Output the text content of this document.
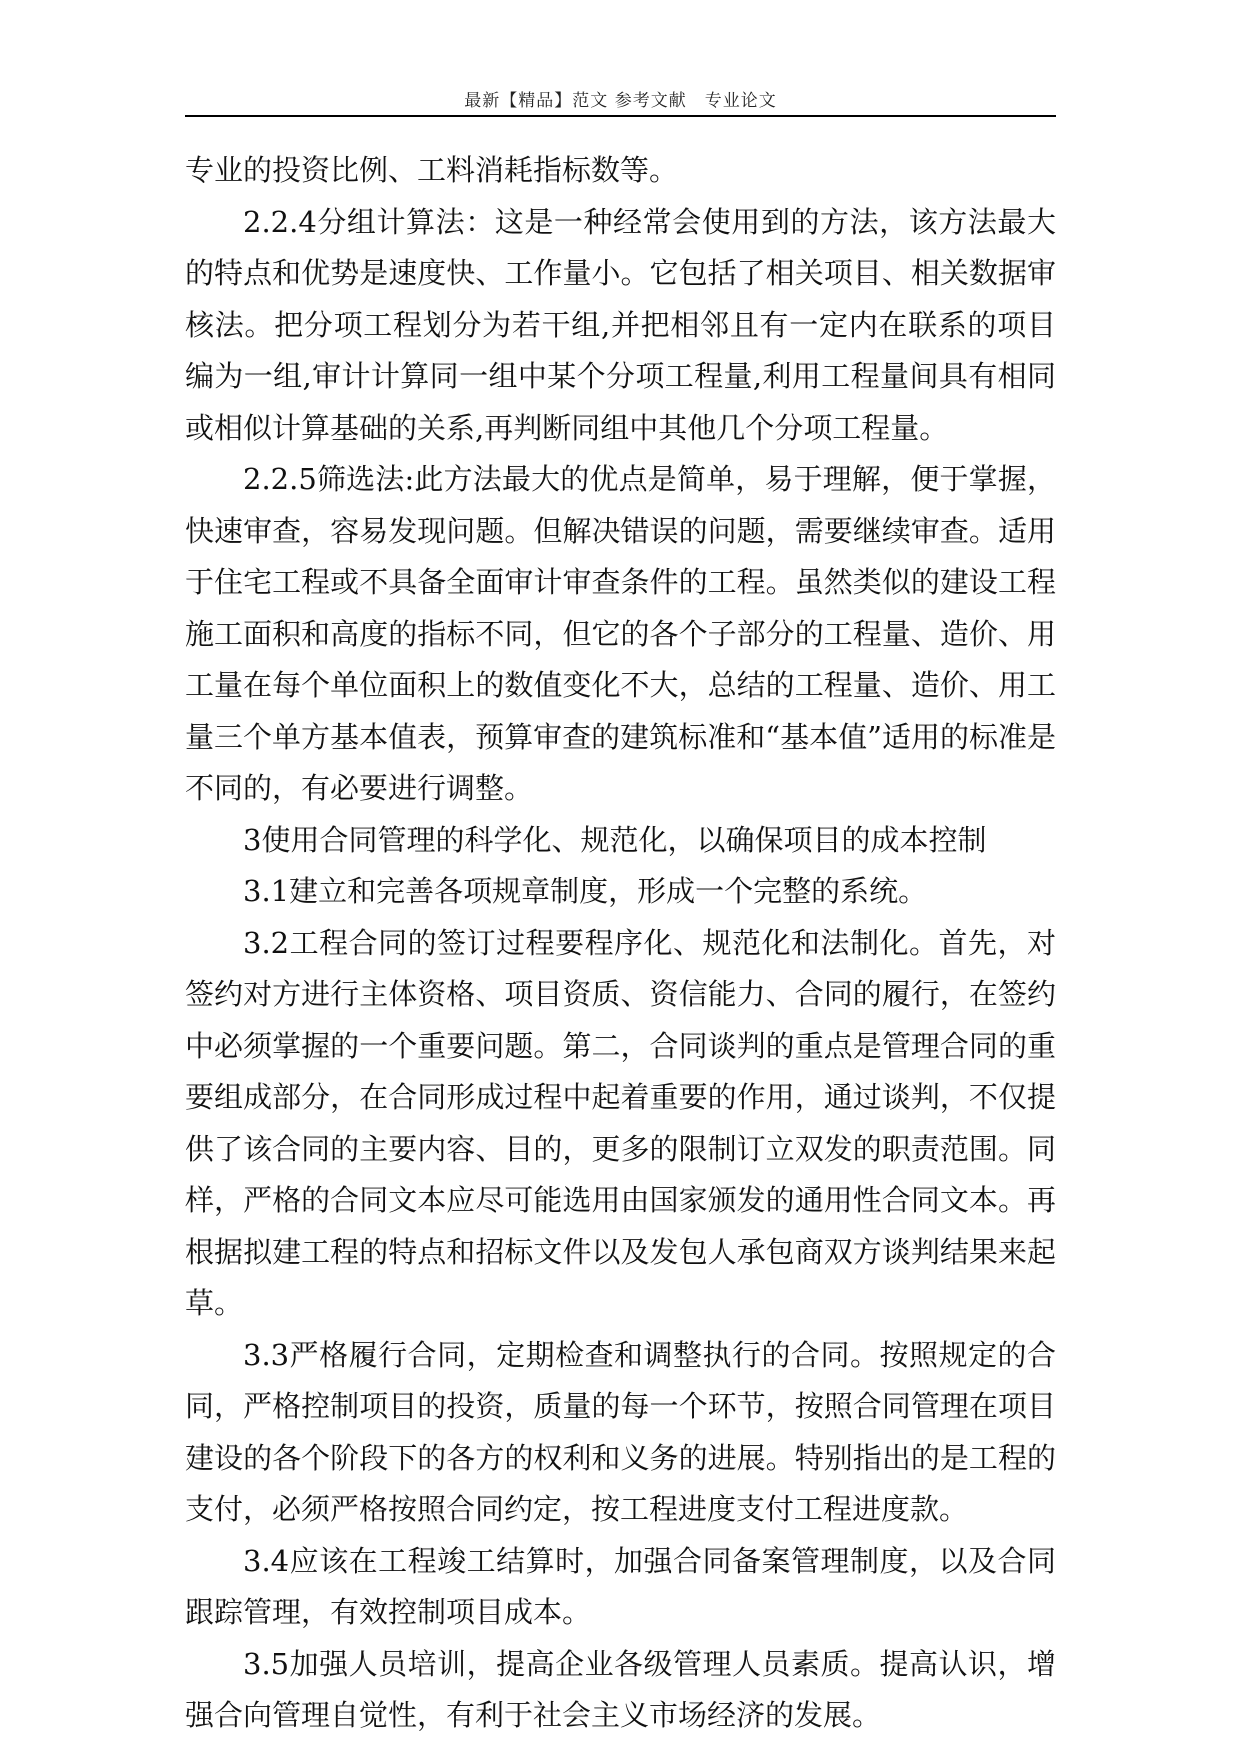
最新【精品】范文 参考文献　专业论文

专业的投资比例、工料消耗指标数等。

2.2.4分组计算法：这是一种经常会使用到的方法，该方法最大的特点和优势是速度快、工作量小。它包括了相关项目、相关数据审核法。把分项工程划分为若干组,并把相邻且有一定内在联系的项目编为一组,审计计算同一组中某个分项工程量,利用工程量间具有相同或相似计算基础的关系,再判断同组中其他几个分项工程量。

2.2.5筛选法:此方法最大的优点是简单，易于理解，便于掌握，快速审查，容易发现问题。但解决错误的问题，需要继续审查。适用于住宅工程或不具备全面审计审查条件的工程。虽然类似的建设工程施工面积和高度的指标不同，但它的各个子部分的工程量、造价、用工量在每个单位面积上的数值变化不大，总结的工程量、造价、用工量三个单方基本值表，预算审查的建筑标准和“基本值”适用的标准是不同的，有必要进行调整。

3使用合同管理的科学化、规范化，以确保项目的成本控制

3.1建立和完善各项规章制度，形成一个完整的系统。

3.2工程合同的签订过程要程序化、规范化和法制化。首先，对签约对方进行主体资格、项目资质、资信能力、合同的履行，在签约中必须掌握的一个重要问题。第二，合同谈判的重点是管理合同的重要组成部分，在合同形成过程中起着重要的作用，通过谈判，不仅提供了该合同的主要内容、目的，更多的限制订立双发的职责范围。同样，严格的合同文本应尽可能选用由国家颁发的通用性合同文本。再根据拟建工程的特点和招标文件以及发包人承包商双方谈判结果来起草。

3.3严格履行合同，定期检查和调整执行的合同。按照规定的合同，严格控制项目的投资，质量的每一个环节，按照合同管理在项目建设的各个阶段下的各方的权利和义务的进展。特别指出的是工程的支付，必须严格按照合同约定，按工程进度支付工程进度款。

3.4应该在工程竣工结算时，加强合同备案管理制度，以及合同跟踪管理，有效控制项目成本。

3.5加强人员培训，提高企业各级管理人员素质。提高认识，增强合向管理自觉性，有利于社会主义市场经济的发展。
